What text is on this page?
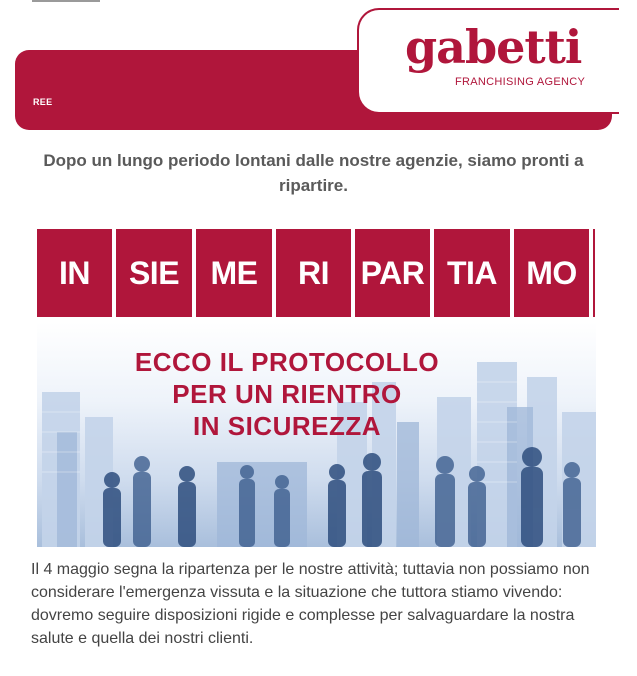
REE
gabetti
FRANCHISING AGENCY
Dopo un lungo periodo lontani dalle nostre agenzie, siamo pronti a ripartire.
IN	SIE ME	RI PAR TIA MO
ECCO IL PROTOCOLLO
PER UN RIENTRO
IN SICUREZZA
Il 4 maggio segna la ripartenza per le nostre attività; tuttavia non possiamo non considerare l'emergenza vissuta e la situazione che tuttora stiamo vivendo: dovremo seguire disposizioni rigide e complesse per salvaguardare la nostra salute e quella dei nostri clienti.
